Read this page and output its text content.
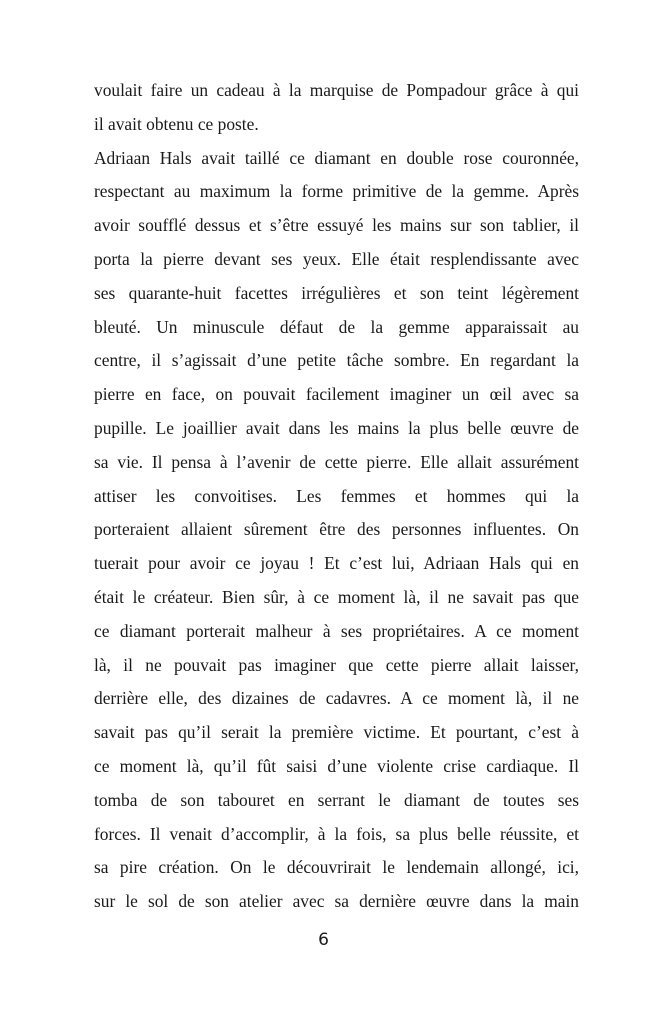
voulait faire un cadeau à la marquise de Pompadour grâce à qui
il avait obtenu ce poste.
Adriaan Hals avait taillé ce diamant en double rose couronnée,
respectant au maximum la forme primitive de la gemme. Après
avoir soufflé dessus et s’être essuyé les mains sur son tablier, il
porta la pierre devant ses yeux. Elle était resplendissante avec
ses quarante-huit facettes irrégulières et son teint légèrement
bleuté. Un minuscule défaut de la gemme apparaissait au
centre, il s’agissait d’une petite tâche sombre. En regardant la
pierre en face, on pouvait facilement imaginer un œil avec sa
pupille. Le joaillier avait dans les mains la plus belle œuvre de
sa vie. Il pensa à l’avenir de cette pierre. Elle allait assurément
attiser les convoitises. Les femmes et hommes qui la
porteraient allaient sûrement être des personnes influentes. On
tuerait pour avoir ce joyau ! Et c’est lui, Adriaan Hals qui en
était le créateur. Bien sûr, à ce moment là, il ne savait pas que
ce diamant porterait malheur à ses propriétaires. A ce moment
là, il ne pouvait pas imaginer que cette pierre allait laisser,
derrière elle, des dizaines de cadavres. A ce moment là, il ne
savait pas qu’il serait la première victime. Et pourtant, c’est à
ce moment là, qu’il fût saisi d’une violente crise cardiaque. Il
tomba de son tabouret en serrant le diamant de toutes ses
forces. Il venait d’accomplir, à la fois, sa plus belle réussite, et
sa pire création. On le découvrirait le lendemain allongé, ici,
sur le sol de son atelier avec sa dernière œuvre dans la main
6
